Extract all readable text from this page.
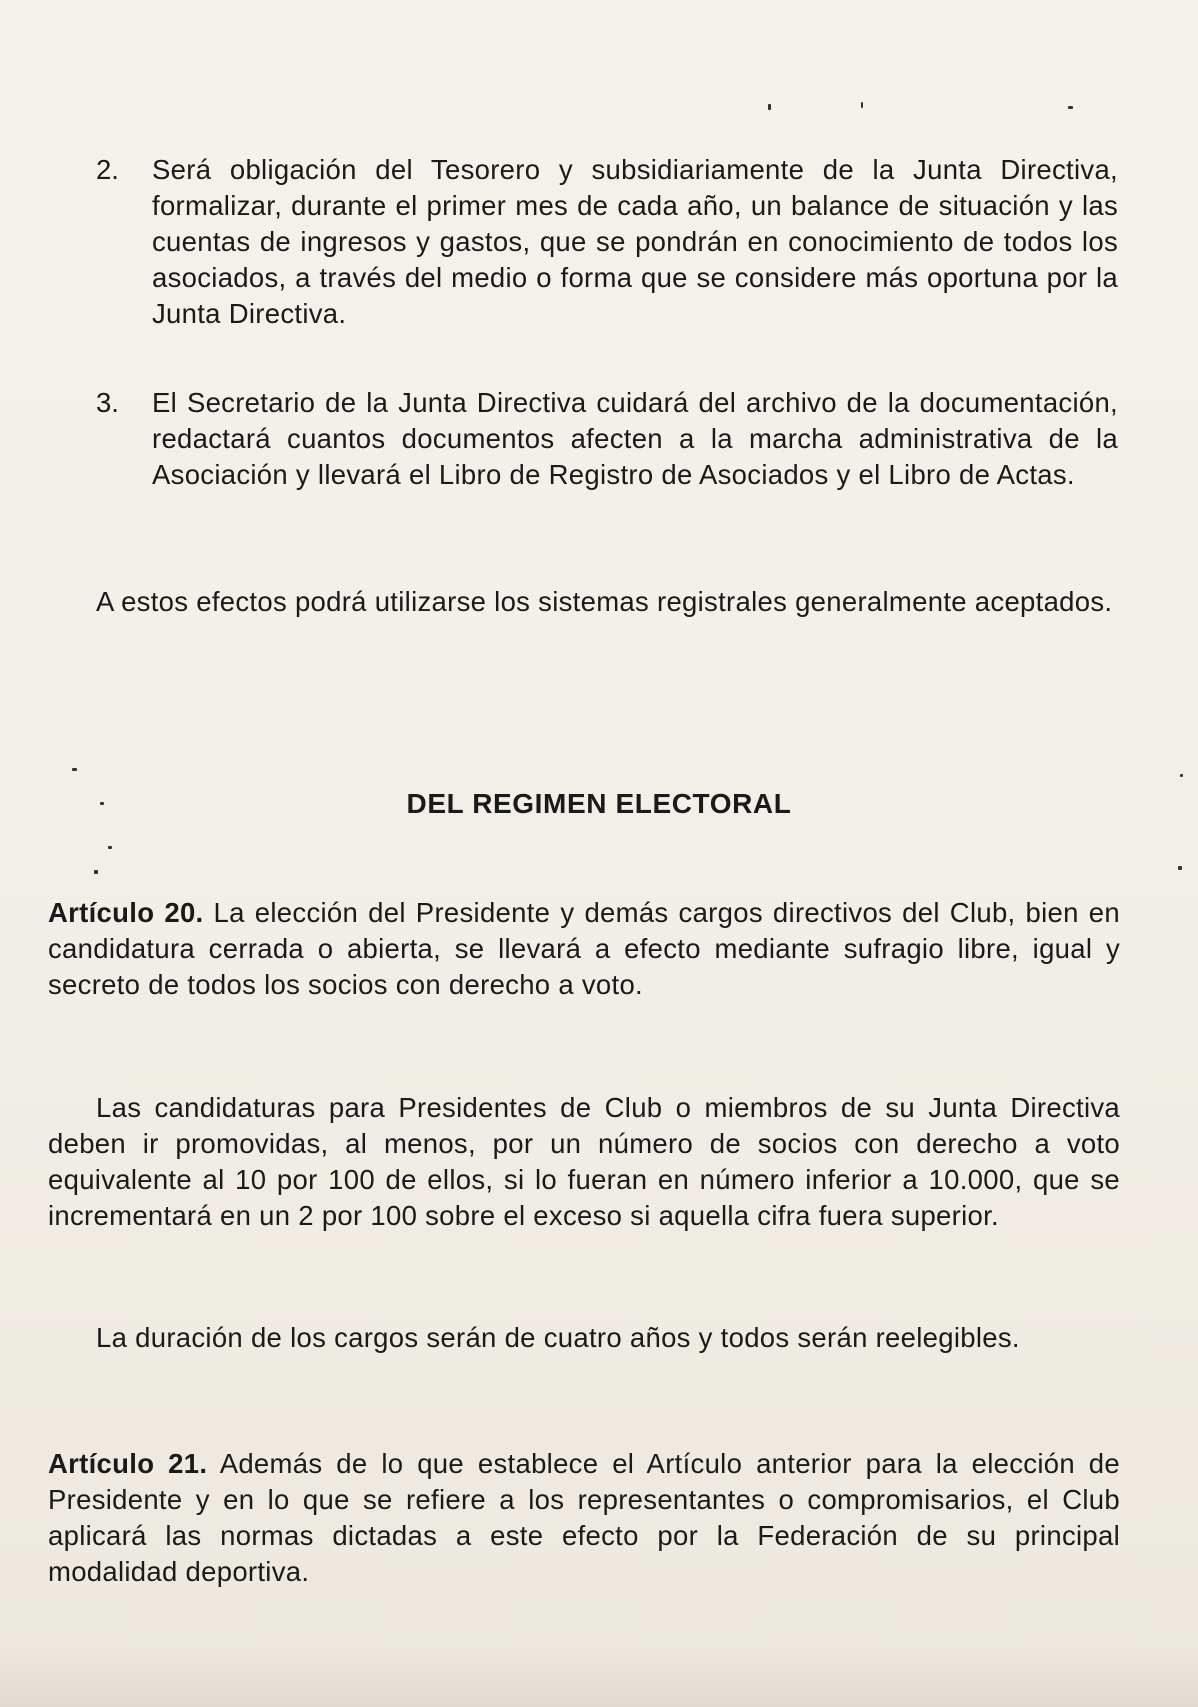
2. Será obligación del Tesorero y subsidiariamente de la Junta Directiva, formalizar, durante el primer mes de cada año, un balance de situación y las cuentas de ingresos y gastos, que se pondrán en conocimiento de todos los asociados, a través del medio o forma que se considere más oportuna por la Junta Directiva.

3. El Secretario de la Junta Directiva cuidará del archivo de la documentación, redactará cuantos documentos afecten a la marcha administrativa de la Asociación y llevará el Libro de Registro de Asociados y el Libro de Actas.

A estos efectos podrá utilizarse los sistemas registrales generalmente aceptados.

DEL REGIMEN ELECTORAL

Artículo 20. La elección del Presidente y demás cargos directivos del Club, bien en candidatura cerrada o abierta, se llevará a efecto mediante sufragio libre, igual y secreto de todos los socios con derecho a voto.

Las candidaturas para Presidentes de Club o miembros de su Junta Directiva deben ir promovidas, al menos, por un número de socios con derecho a voto equivalente al 10 por 100 de ellos, si lo fueran en número inferior a 10.000, que se incrementará en un 2 por 100 sobre el exceso si aquella cifra fuera superior.

La duración de los cargos serán de cuatro años y todos serán reelegibles.

Artículo 21. Además de lo que establece el Artículo anterior para la elección de Presidente y en lo que se refiere a los representantes o compromisarios, el Club aplicará las normas dictadas a este efecto por la Federación de su principal modalidad deportiva.
